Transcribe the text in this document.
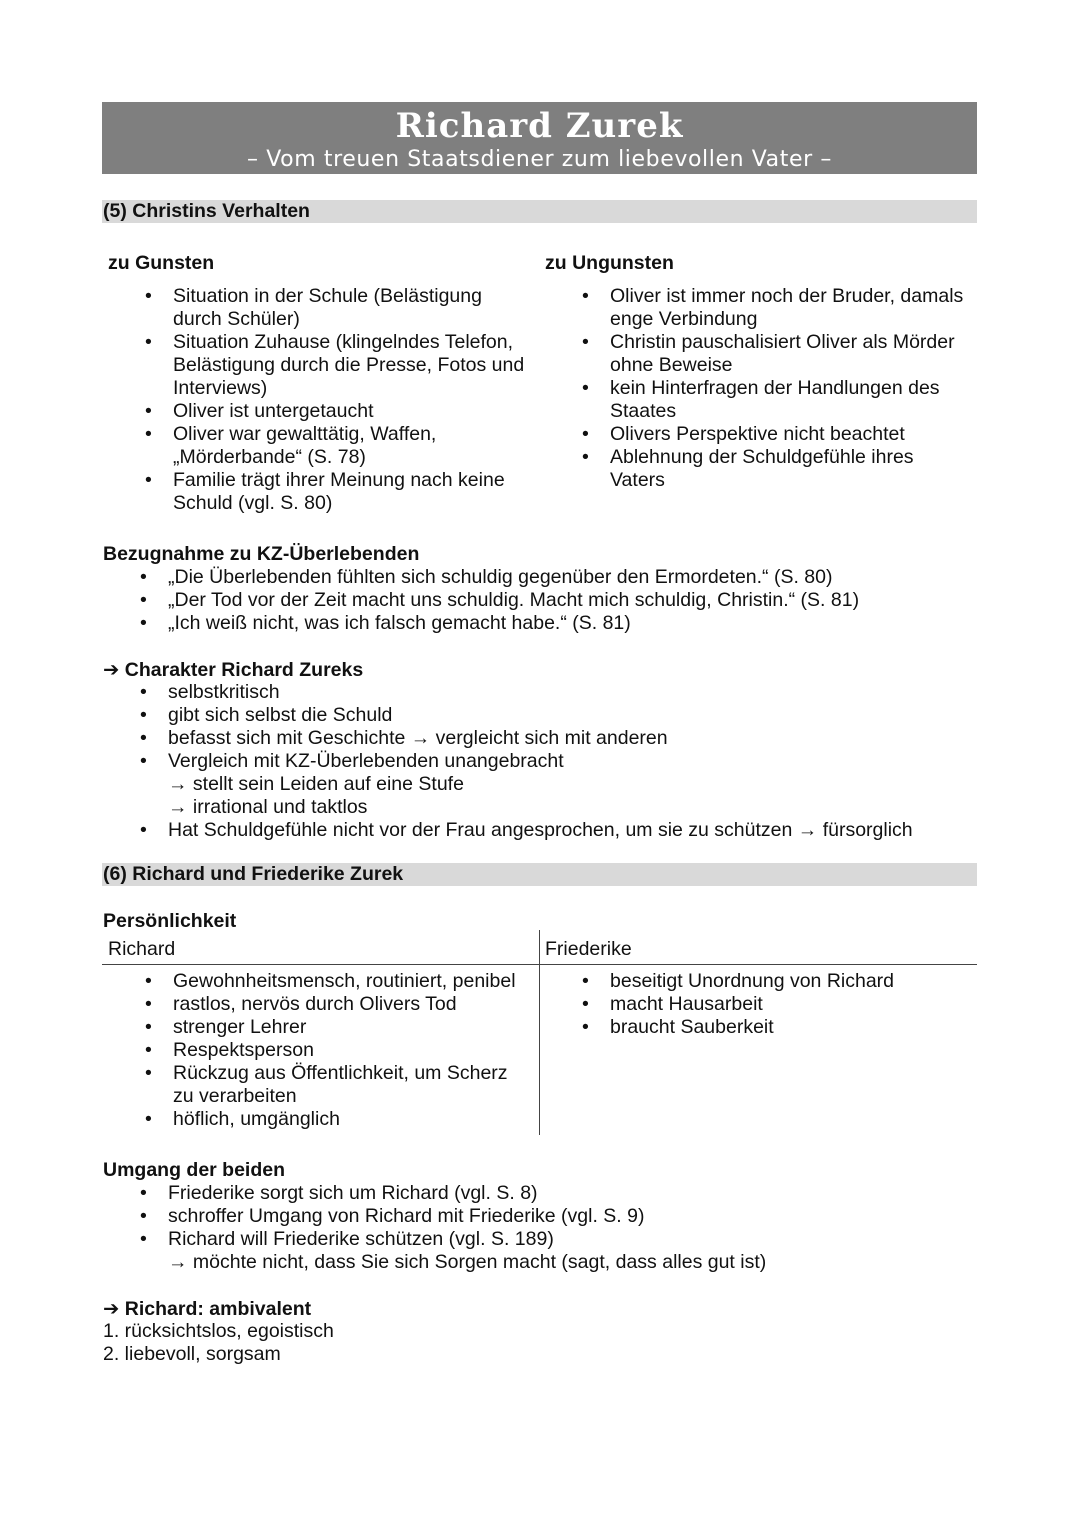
Richard Zurek
– Vom treuen Staatsdiener zum liebevollen Vater –
(5) Christins Verhalten
zu Gunsten
• Situation in der Schule (Belästigung
durch Schüler)
• Situation Zuhause (klingelndes Telefon,
Belästigung durch die Presse, Fotos und
Interviews)
• Oliver ist untergetaucht
• Oliver war gewalttätig, Waffen,
„Mörderbande“ (S. 78)
• Familie trägt ihrer Meinung nach keine
Schuld (vgl. S. 80)
zu Ungunsten
• Oliver ist immer noch der Bruder, damals
enge Verbindung
• Christin pauschalisiert Oliver als Mörder
ohne Beweise
• kein Hinterfragen der Handlungen des
Staates
• Olivers Perspektive nicht beachtet
• Ablehnung der Schuldgefühle ihres
Vaters
Bezugnahme zu KZ-Überlebenden
• „Die Überlebenden fühlten sich schuldig gegenüber den Ermordeten.“ (S. 80)
• „Der Tod vor der Zeit macht uns schuldig. Macht mich schuldig, Christin.“ (S. 81)
• „Ich weiß nicht, was ich falsch gemacht habe.“ (S. 81)
➔ Charakter Richard Zureks
• selbstkritisch
• gibt sich selbst die Schuld
• befasst sich mit Geschichte → vergleicht sich mit anderen
• Vergleich mit KZ-Überlebenden unangebracht
→ stellt sein Leiden auf eine Stufe
→ irrational und taktlos
• Hat Schuldgefühle nicht vor der Frau angesprochen, um sie zu schützen → fürsorglich
(6) Richard und Friederike Zurek
Persönlichkeit
Richard	Friederike
• Gewohnheitsmensch, routiniert, penibel
• rastlos, nervös durch Olivers Tod
• strenger Lehrer
• Respektsperson
• Rückzug aus Öffentlichkeit, um Scherz
zu verarbeiten
• höflich, umgänglich
• beseitigt Unordnung von Richard
• macht Hausarbeit
• braucht Sauberkeit
Umgang der beiden
• Friederike sorgt sich um Richard (vgl. S. 8)
• schroffer Umgang von Richard mit Friederike (vgl. S. 9)
• Richard will Friederike schützen (vgl. S. 189)
→ möchte nicht, dass Sie sich Sorgen macht (sagt, dass alles gut ist)
➔ Richard: ambivalent
1. rücksichtslos, egoistisch
2. liebevoll, sorgsam
